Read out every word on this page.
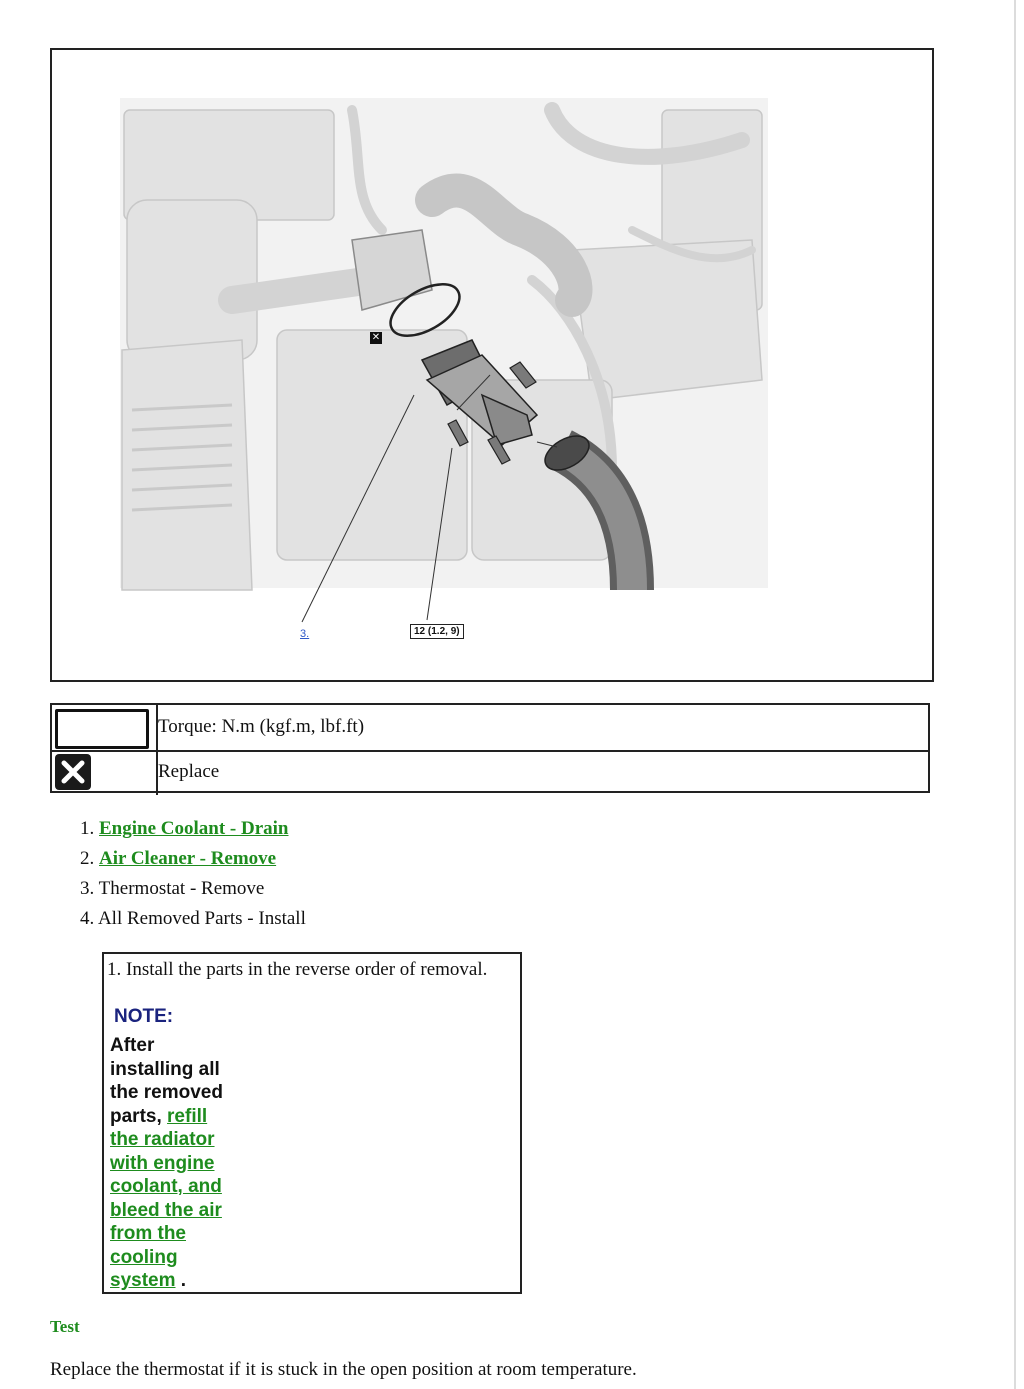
✕
3.	12 (1.2, 9)
Torque: N.m (kgf.m, lbf.ft)
Replace
1. Engine Coolant - Drain
2. Air Cleaner - Remove
3. Thermostat - Remove
4. All Removed Parts - Install
1. Install the parts in the reverse order of removal.
NOTE:
After installing all the removed parts, refill the radiator with engine coolant, and bleed the air from the cooling system .
Test
Replace the thermostat if it is stuck in the open position at room temperature.
